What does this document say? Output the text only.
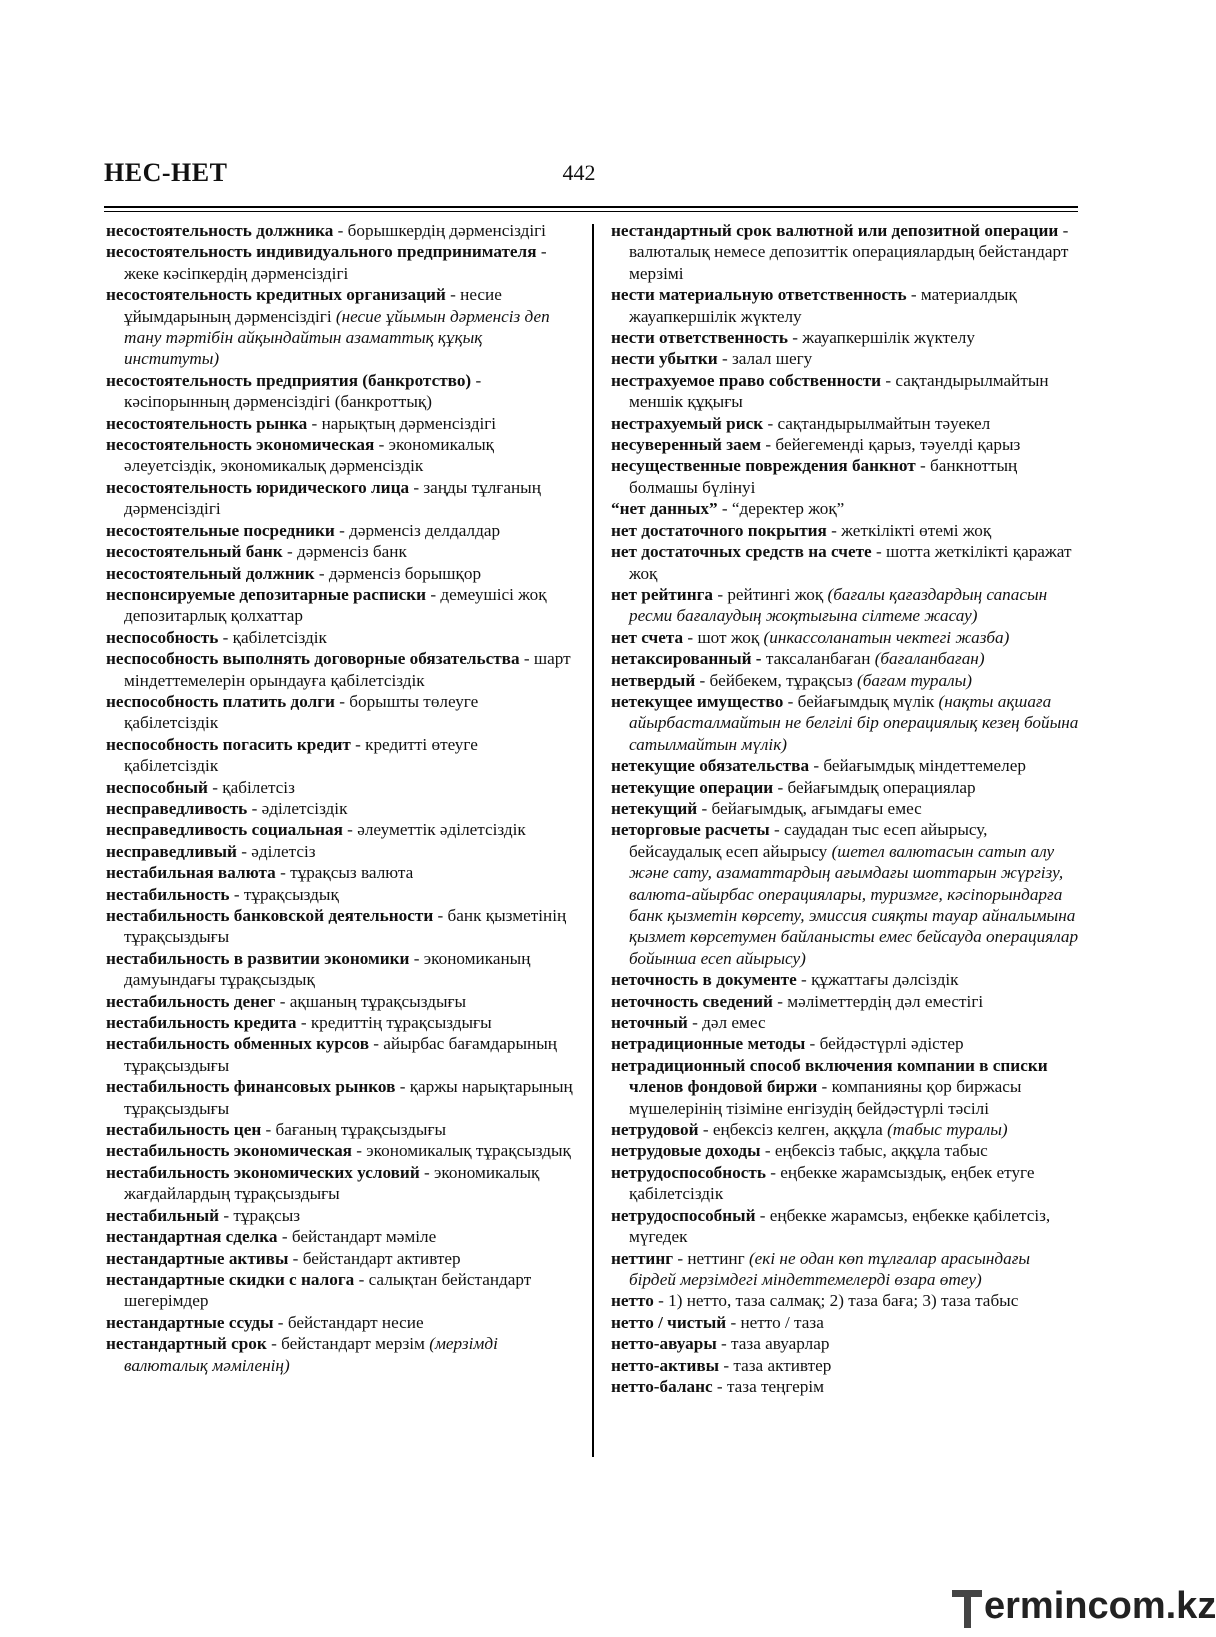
НЕС-НЕТ	442
несостоятельность должника - борышкердің дәрменсіздігі
несостоятельность индивидуального предпринимателя - жеке кәсіпкердің дәрменсіздігі
несостоятельность кредитных организаций - несие ұйымдарының дәрменсіздігі (несие ұйымын дәрменсіз деп тану тәртібін айқындайтын азаматтық құқық институты)
несостоятельность предприятия (банкротство) - кәсіпорынның дәрменсіздігі (банкроттық)
несостоятельность рынка - нарықтың дәрменсіздігі
несостоятельность экономическая - экономикалық әлеуетсіздік, экономикалық дәрменсіздік
несостоятельность юридического лица - заңды тұлғаның дәрменсіздігі
несостоятельные посредники - дәрменсіз делдалдар
несостоятельный банк - дәрменсіз банк
несостоятельный должник - дәрменсіз борышқор
неспонсируемые депозитарные расписки - демеушісі жоқ депозитарлық қолхаттар
неспособность - қабілетсіздік
неспособность выполнять договорные обязательства - шарт міндеттемелерін орындауға қабілетсіздік
неспособность платить долги - борышты төлеуге қабілетсіздік
неспособность погасить кредит - кредитті өтеуге қабілетсіздік
неспособный - қабілетсіз
несправедливость - әділетсіздік
несправедливость социальная - әлеуметтік әділетсіздік
несправедливый - әділетсіз
нестабильная валюта - тұрақсыз валюта
нестабильность - тұрақсыздық
нестабильность банковской деятельности - банк қызметінің тұрақсыздығы
нестабильность в развитии экономики - экономиканың дамуындағы тұрақсыздық
нестабильность денег - ақшаның тұрақсыздығы
нестабильность кредита - кредиттің тұрақсыздығы
нестабильность обменных курсов - айырбас бағамдарының тұрақсыздығы
нестабильность финансовых рынков - қаржы нарықтарының тұрақсыздығы
нестабильность цен - бағаның тұрақсыздығы
нестабильность экономическая - экономикалық тұрақсыздық
нестабильность экономических условий - экономикалық жағдайлардың тұрақсыздығы
нестабильный - тұрақсыз
нестандартная сделка - бейстандарт мәміле
нестандартные активы - бейстандарт активтер
нестандартные скидки с налога - салықтан бейстандарт шегерімдер
нестандартные ссуды - бейстандарт несие
нестандартный срок - бейстандарт мерзім (мерзімді валюталық мәміленің)
нестандартный срок валютной или депозитной операции - валюталық немесе депозиттік операциялардың бейстандарт мерзімі
нести материальную ответственность - материалдық жауапкершілік жүктелу
нести ответственность - жауапкершілік жүктелу
нести убытки - залал шегу
нестрахуемое право собственности - сақтандырылмайтын меншік құқығы
нестрахуемый риск - сақтандырылмайтын тәуекел
несуверенный заем - бейегемендi қарыз, тәуелдi қарыз
несущественные повреждения банкнот - банкноттың болмашы бүлінуі
“нет данных” - “деректер жоқ”
нет достаточного покрытия - жеткілікті өтемі жоқ
нет достаточных средств на счете - шотта жеткілікті қаражат жоқ
нет рейтинга - рейтингі жоқ (бағалы қағаздардың сапасын ресми бағалаудың жоқтығына сілтеме жасау)
нет счета - шот жоқ (инкассоланатын чектегі жазба)
нетаксированный - таксаланбаған (бағаланбаған)
нетвердый - бейбекем, тұрақсыз (бағам туралы)
нетекущее имущество - бейағымдық мүлік (нақты ақшаға айырбасталмайтын не белгілі бір операциялық кезең бойына сатылмайтын мүлік)
нетекущие обязательства - бейағымдық міндеттемелер
нетекущие операции - бейағымдық операциялар
нетекущий - бейағымдық, ағымдағы емес
неторговые расчеты - саудадан тыс есеп айырысу, бейсаудалық есеп айырысу (шетел валютасын сатып алу және сату, азаматтардың ағымдағы шоттарын жүргізу, валюта-айырбас операциялары, туризмге, кәсіпорындарға банк қызметін көрсету, эмиссия сияқты тауар айналымына қызмет көрсетумен байланысты емес бейсауда операциялар бойынша есеп айырысу)
неточность в документе - құжаттағы дәлсіздік
неточность сведений - мәліметтердің дәл еместігі
неточный - дәл емес
нетрадиционные методы - бейдәстүрлі әдістер
нетрадиционный способ включения компании в списки членов фондовой биржи - компанияны қор биржасы мүшелерінің тізіміне енгізудің бейдәстүрлі тәсілі
нетрудовой - еңбексіз келген, аққұла (табыс туралы)
нетрудовые доходы - еңбексіз табыс, аққұла табыс
нетрудоспособность - еңбекке жарамсыздық, еңбек етуге қабілетсіздік
нетрудоспособный - еңбекке жарамсыз, еңбекке қабілетсіз, мүгедек
неттинг - неттинг (екі не одан көп тұлғалар арасындағы бірдей мерзімдегі міндеттемелерді өзара өтеу)
нетто - 1) нетто, таза салмақ; 2) таза баға; 3) таза табыс
нетто / чистый - нетто / таза
нетто-авуары - таза авуарлар
нетто-активы - таза активтер
нетто-баланс - таза теңгерім
ermincom .kz
